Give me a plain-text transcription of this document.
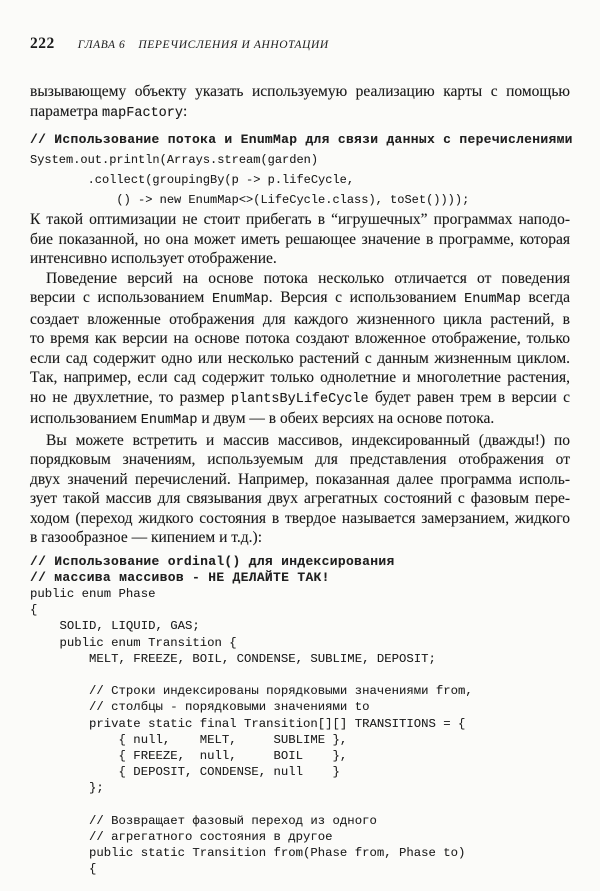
222 ГЛАВА 6 ПЕРЕЧИСЛЕНИЯ И АННОТАЦИИ
вызывающему объекту указать используемую реализацию карты с помощью
параметра mapFactory:
// Использование потока и EnumMap для связи данных с перечислениями
System.out.println(Arrays.stream(garden)
.collect(groupingBy(p -> p.lifeCycle,
() -> new EnumMap<>(LifeCycle.class), toSet())));
К такой оптимизации не стоит прибегать в “игрушечных” программах наподо-
бие показанной, но она может иметь решающее значение в программе, которая
интенсивно использует отображение.
Поведение версий на основе потока несколько отличается от поведения
версии с использованием EnumMap. Версия с использованием EnumMap всегда
создает вложенные отображения для каждого жизненного цикла растений, в
то время как версии на основе потока создают вложенное отображение, только
если сад содержит одно или несколько растений с данным жизненным циклом.
Так, например, если сад содержит только однолетние и многолетние растения,
но не двухлетние, то размер plantsByLifeCycle будет равен трем в версии с
использованием EnumMap и двум — в обеих версиях на основе потока.
Вы можете встретить и массив массивов, индексированный (дважды!) по
порядковым значениям, используемым для представления отображения от
двух значений перечислений. Например, показанная далее программа исполь-
зует такой массив для связывания двух агрегатных состояний с фазовым пере-
ходом (переход жидкого состояния в твердое называется замерзанием, жидкого
в газообразное — кипением и т.д.):
// Использование ordinal() для индексирования
// массива массивов - НЕ ДЕЛАЙТЕ ТАК!
public enum Phase
{
SOLID, LIQUID, GAS;
public enum Transition {
MELT, FREEZE, BOIL, CONDENSE, SUBLIME, DEPOSIT;

// Строки индексированы порядковыми значениями from,
// столбцы - порядковыми значениями to
private static final Transition[][] TRANSITIONS = {
{ null,    MELT,     SUBLIME },
{ FREEZE,  null,     BOIL    },
{ DEPOSIT, CONDENSE, null    }
};

// Возвращает фазовый переход из одного
// агрегатного состояния в другое
public static Transition from(Phase from, Phase to)
{
